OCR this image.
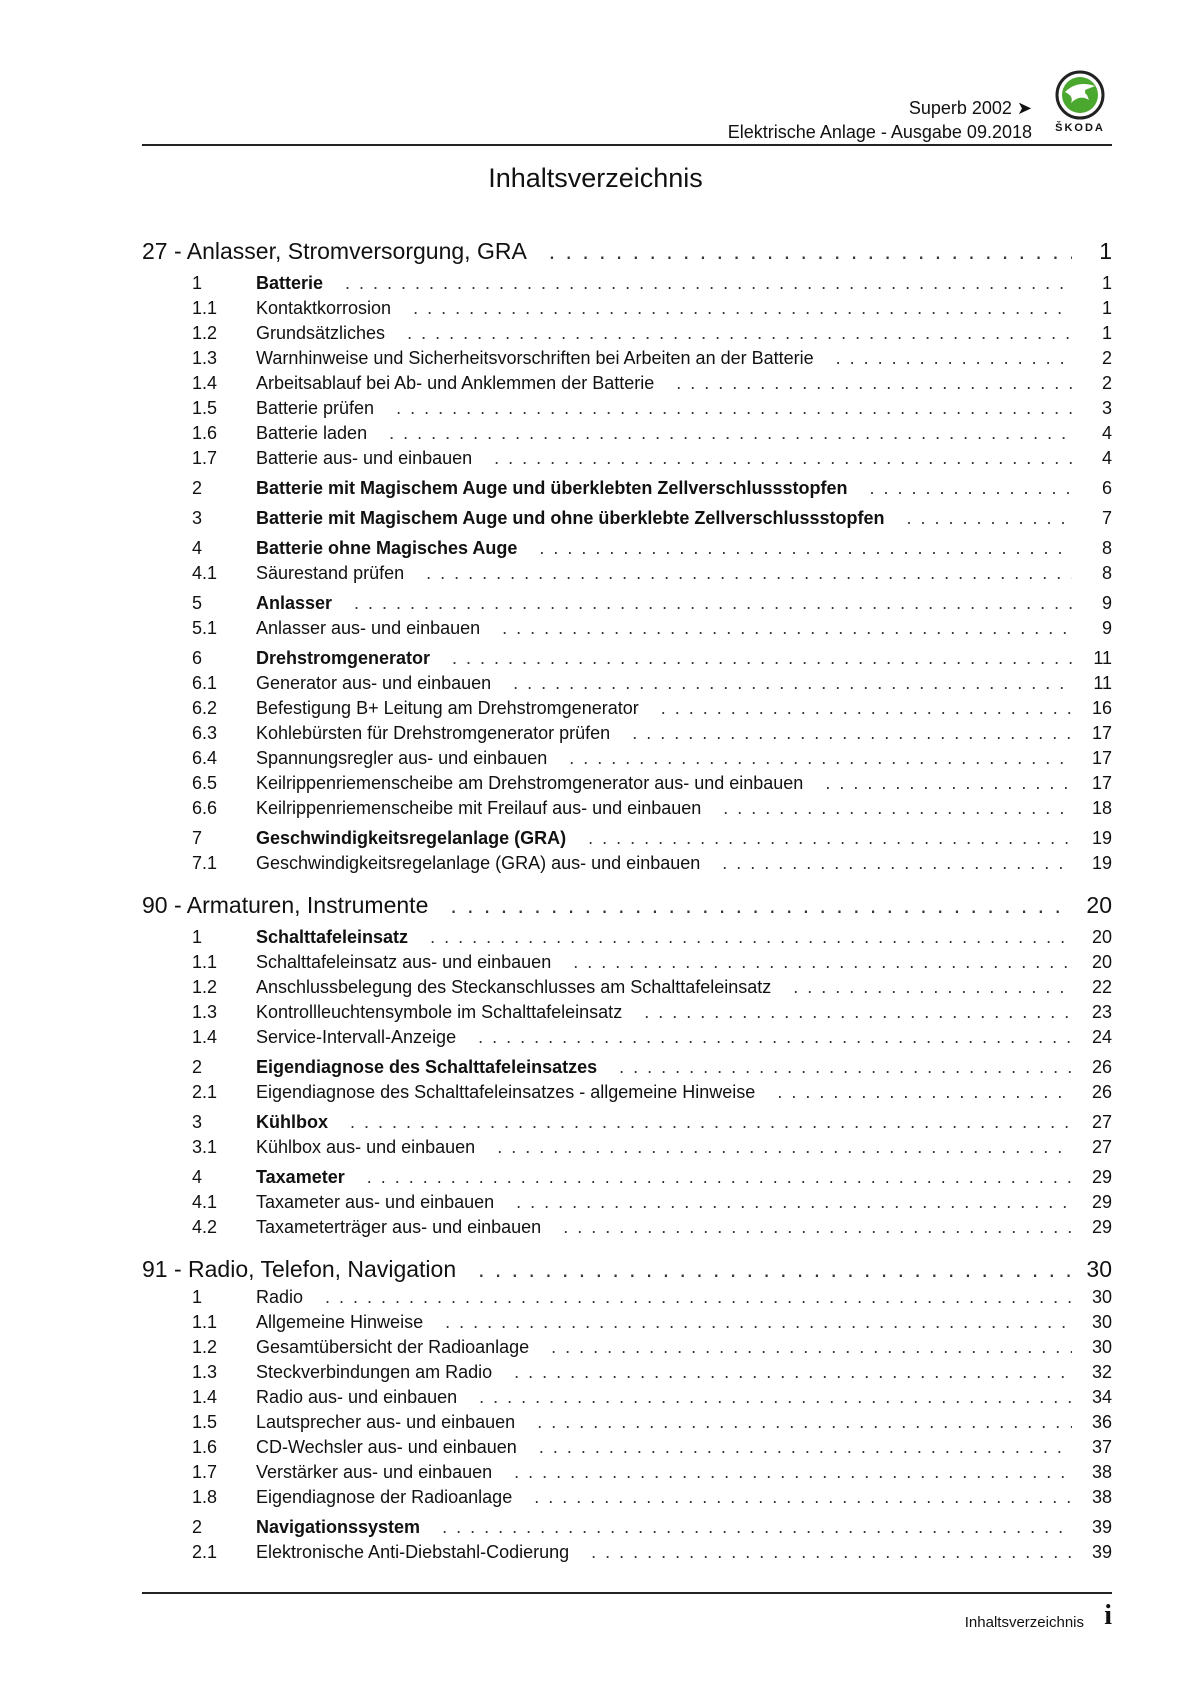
Superb 2002 ➤
Elektrische Anlage - Ausgabe 09.2018	ŠKODA
Inhaltsverzeichnis
27 - Anlasser, Stromversorgung, GRA . . .	1
1	Batterie . . .	1
1.1	Kontaktkorrosion . . .	1
1.2	Grundsätzliches . . .	1
1.3	Warnhinweise und Sicherheitsvorschriften bei Arbeiten an der Batterie . . .	2
1.4	Arbeitsablauf bei Ab- und Anklemmen der Batterie . . .	2
1.5	Batterie prüfen . . .	3
1.6	Batterie laden . . .	4
1.7	Batterie aus- und einbauen . . .	4
2	Batterie mit Magischem Auge und überklebten Zellverschlussstopfen . . .	6
3	Batterie mit Magischem Auge und ohne überklebte Zellverschlussstopfen . . .	7
4	Batterie ohne Magisches Auge . . .	8
4.1	Säurestand prüfen . . .	8
5	Anlasser . . .	9
5.1	Anlasser aus- und einbauen . . .	9
6	Drehstromgenerator . . .	11
6.1	Generator aus- und einbauen . . .	11
6.2	Befestigung B+ Leitung am Drehstromgenerator . . .	16
6.3	Kohlebürsten für Drehstromgenerator prüfen . . .	17
6.4	Spannungsregler aus- und einbauen . . .	17
6.5	Keilrippenriemenscheibe am Drehstromgenerator aus- und einbauen . . .	17
6.6	Keilrippenriemenscheibe mit Freilauf aus- und einbauen . . .	18
7	Geschwindigkeitsregelanlage (GRA) . . .	19
7.1	Geschwindigkeitsregelanlage (GRA) aus- und einbauen . . .	19
90 - Armaturen, Instrumente . . .	20
1	Schalttafeleinsatz . . .	20
1.1	Schalttafeleinsatz aus- und einbauen . . .	20
1.2	Anschlussbelegung des Steckanschlusses am Schalttafeleinsatz . . .	22
1.3	Kontrollleuchtensymbole im Schalttafeleinsatz . . .	23
1.4	Service-Intervall-Anzeige . . .	24
2	Eigendiagnose des Schalttafeleinsatzes . . .	26
2.1	Eigendiagnose des Schalttafeleinsatzes - allgemeine Hinweise . . .	26
3	Kühlbox . . .	27
3.1	Kühlbox aus- und einbauen . . .	27
4	Taxameter . . .	29
4.1	Taxameter aus- und einbauen . . .	29
4.2	Taxameterträger aus- und einbauen . . .	29
91 - Radio, Telefon, Navigation . . .	30
1	Radio . . .	30
1.1	Allgemeine Hinweise . . .	30
1.2	Gesamtübersicht der Radioanlage . . .	30
1.3	Steckverbindungen am Radio . . .	32
1.4	Radio aus- und einbauen . . .	34
1.5	Lautsprecher aus- und einbauen . . .	36
1.6	CD-Wechsler aus- und einbauen . . .	37
1.7	Verstärker aus- und einbauen . . .	38
1.8	Eigendiagnose der Radioanlage . . .	38
2	Navigationssystem . . .	39
2.1	Elektronische Anti-Diebstahl-Codierung . . .	39
Inhaltsverzeichnis i
